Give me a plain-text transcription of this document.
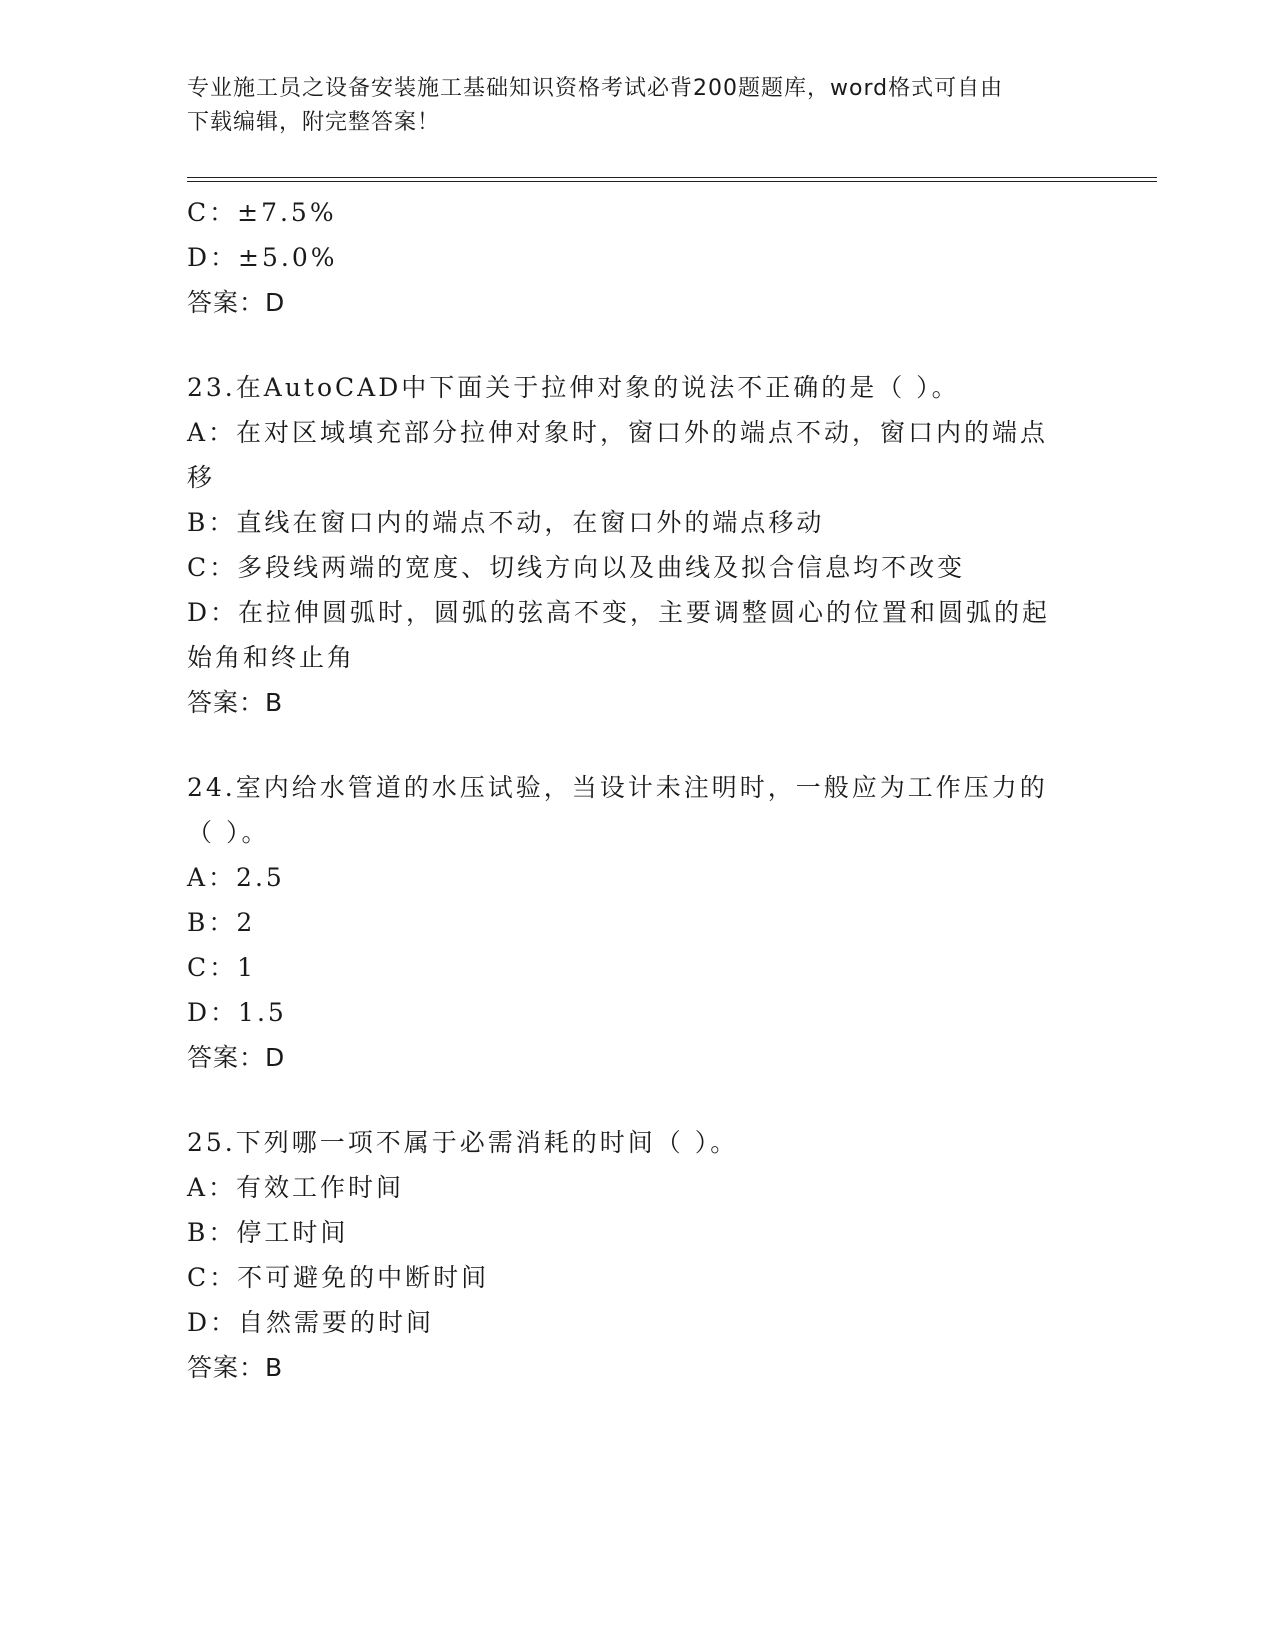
专业施工员之设备安装施工基础知识资格考试必背200题题库，word格式可自由
下载编辑，附完整答案！

C：±7.5%

D：±5.0%

答案：D

23.在AutoCAD中下面关于拉伸对象的说法不正确的是（ ）。

A：在对区域填充部分拉伸对象时，窗口外的端点不动，窗口内的端点

移

B：直线在窗口内的端点不动，在窗口外的端点移动

C：多段线两端的宽度、切线方向以及曲线及拟合信息均不改变

D：在拉伸圆弧时，圆弧的弦高不变，主要调整圆心的位置和圆弧的起

始角和终止角

答案：B

24.室内给水管道的水压试验，当设计未注明时，一般应为工作压力的

（ ）。

A：2.5

B：2

C：1

D：1.5

答案：D

25.下列哪一项不属于必需消耗的时间（ ）。

A：有效工作时间

B：停工时间

C：不可避免的中断时间

D：自然需要的时间

答案：B
